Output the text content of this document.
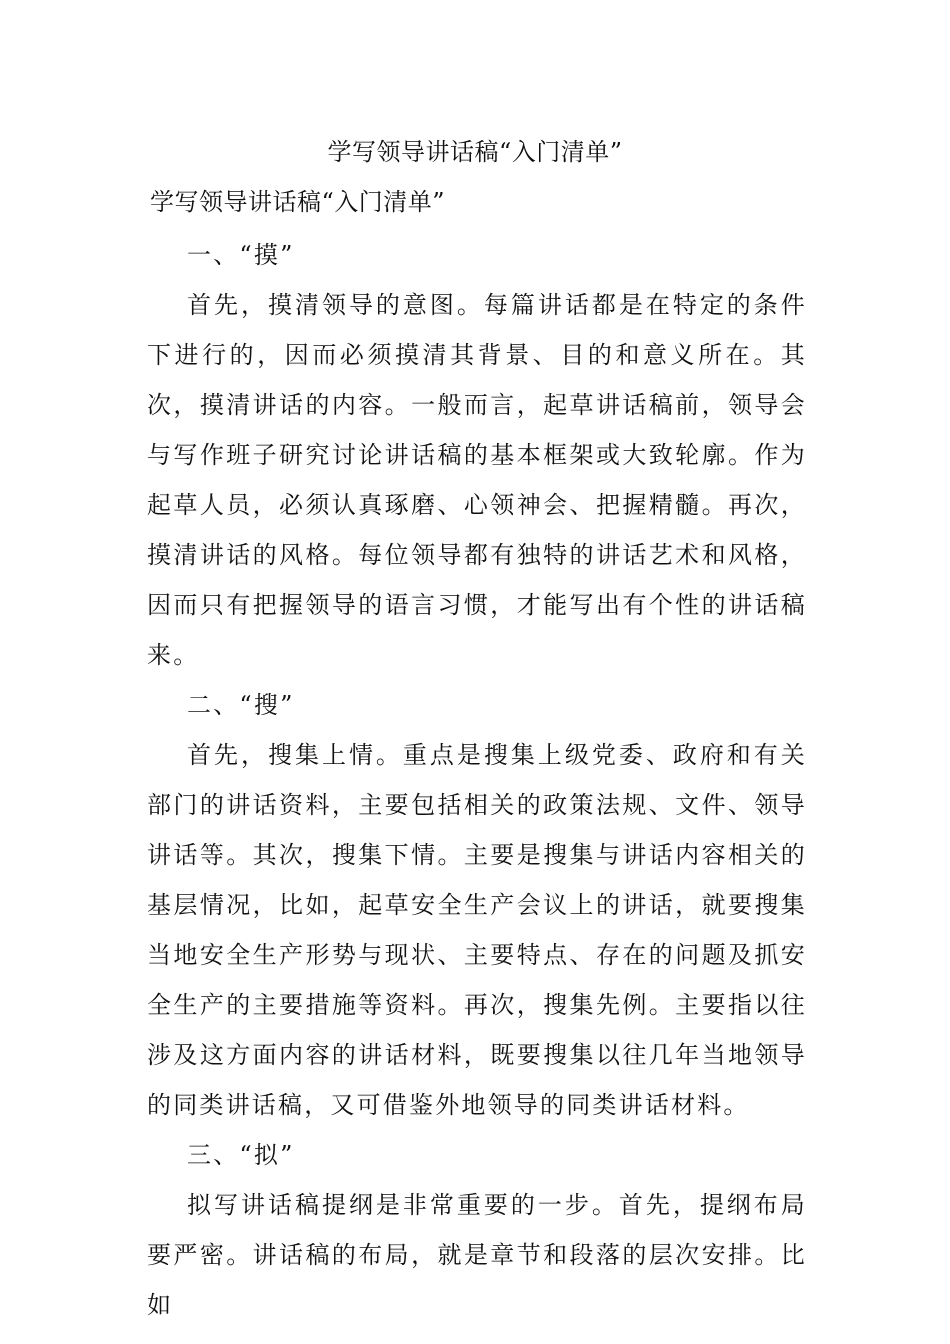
学写领导讲话稿“入门清单”
学写领导讲话稿“入门清单”

一、“摸”

首先，摸清领导的意图。每篇讲话都是在特定的条件下进行的，因而必须摸清其背景、目的和意义所在。其次，摸清讲话的内容。一般而言，起草讲话稿前，领导会与写作班子研究讨论讲话稿的基本框架或大致轮廓。作为起草人员，必须认真琢磨、心领神会、把握精髓。再次，摸清讲话的风格。每位领导都有独特的讲话艺术和风格，因而只有把握领导的语言习惯，才能写出有个性的讲话稿来。

二、“搜”

首先，搜集上情。重点是搜集上级党委、政府和有关部门的讲话资料，主要包括相关的政策法规、文件、领导讲话等。其次，搜集下情。主要是搜集与讲话内容相关的基层情况，比如，起草安全生产会议上的讲话，就要搜集当地安全生产形势与现状、主要特点、存在的问题及抓安全生产的主要措施等资料。再次，搜集先例。主要指以往涉及这方面内容的讲话材料，既要搜集以往几年当地领导的同类讲话稿，又可借鉴外地领导的同类讲话材料。

三、“拟”

拟写讲话稿提纲是非常重要的一步。首先，提纲布局要严密。讲话稿的布局，就是章节和段落的层次安排。比如
